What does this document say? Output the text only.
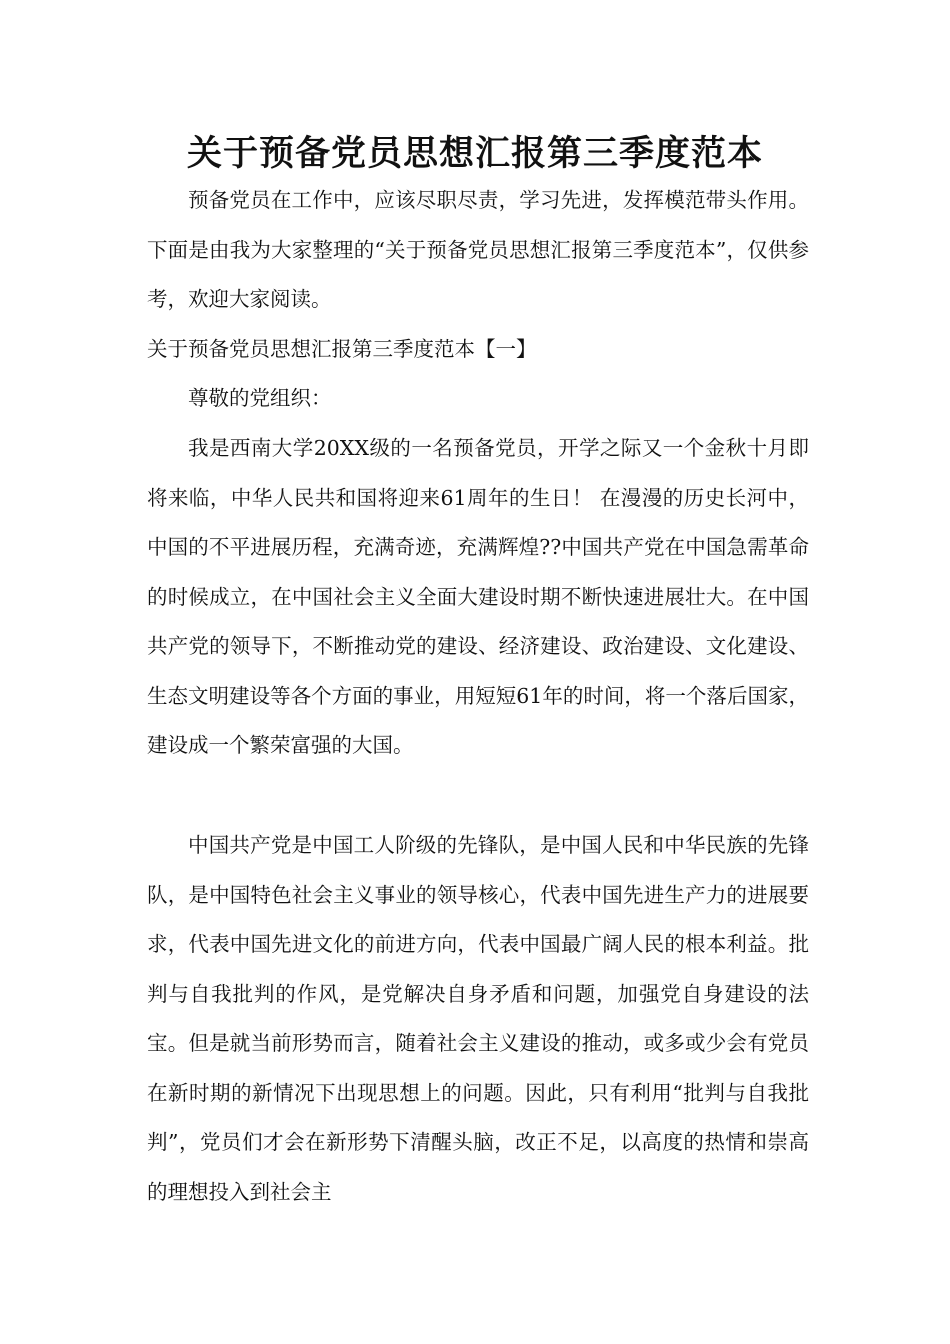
关于预备党员思想汇报第三季度范本

预备党员在工作中，应该尽职尽责，学习先进，发挥模范带头作用。下面是由我为大家整理的“关于预备党员思想汇报第三季度范本”，仅供参考，欢迎大家阅读。

关于预备党员思想汇报第三季度范本【一】

尊敬的党组织：

我是西南大学20XX级的一名预备党员，开学之际又一个金秋十月即将来临，中华人民共和国将迎来61周年的生日！ 在漫漫的历史长河中，中国的不平进展历程，充满奇迹，充满辉煌??中国共产党在中国急需革命的时候成立，在中国社会主义全面大建设时期不断快速进展壮大。在中国共产党的领导下，不断推动党的建设、经济建设、政治建设、文化建设、生态文明建设等各个方面的事业，用短短61年的时间，将一个落后国家，建设成一个繁荣富强的大国。

中国共产党是中国工人阶级的先锋队，是中国人民和中华民族的先锋队，是中国特色社会主义事业的领导核心，代表中国先进生产力的进展要求，代表中国先进文化的前进方向，代表中国最广阔人民的根本利益。批判与自我批判的作风，是党解决自身矛盾和问题，加强党自身建设的法宝。但是就当前形势而言，随着社会主义建设的推动，或多或少会有党员在新时期的新情况下出现思想上的问题。因此，只有利用“批判与自我批判”，党员们才会在新形势下清醒头脑，改正不足，以高度的热情和崇高的理想投入到社会主
